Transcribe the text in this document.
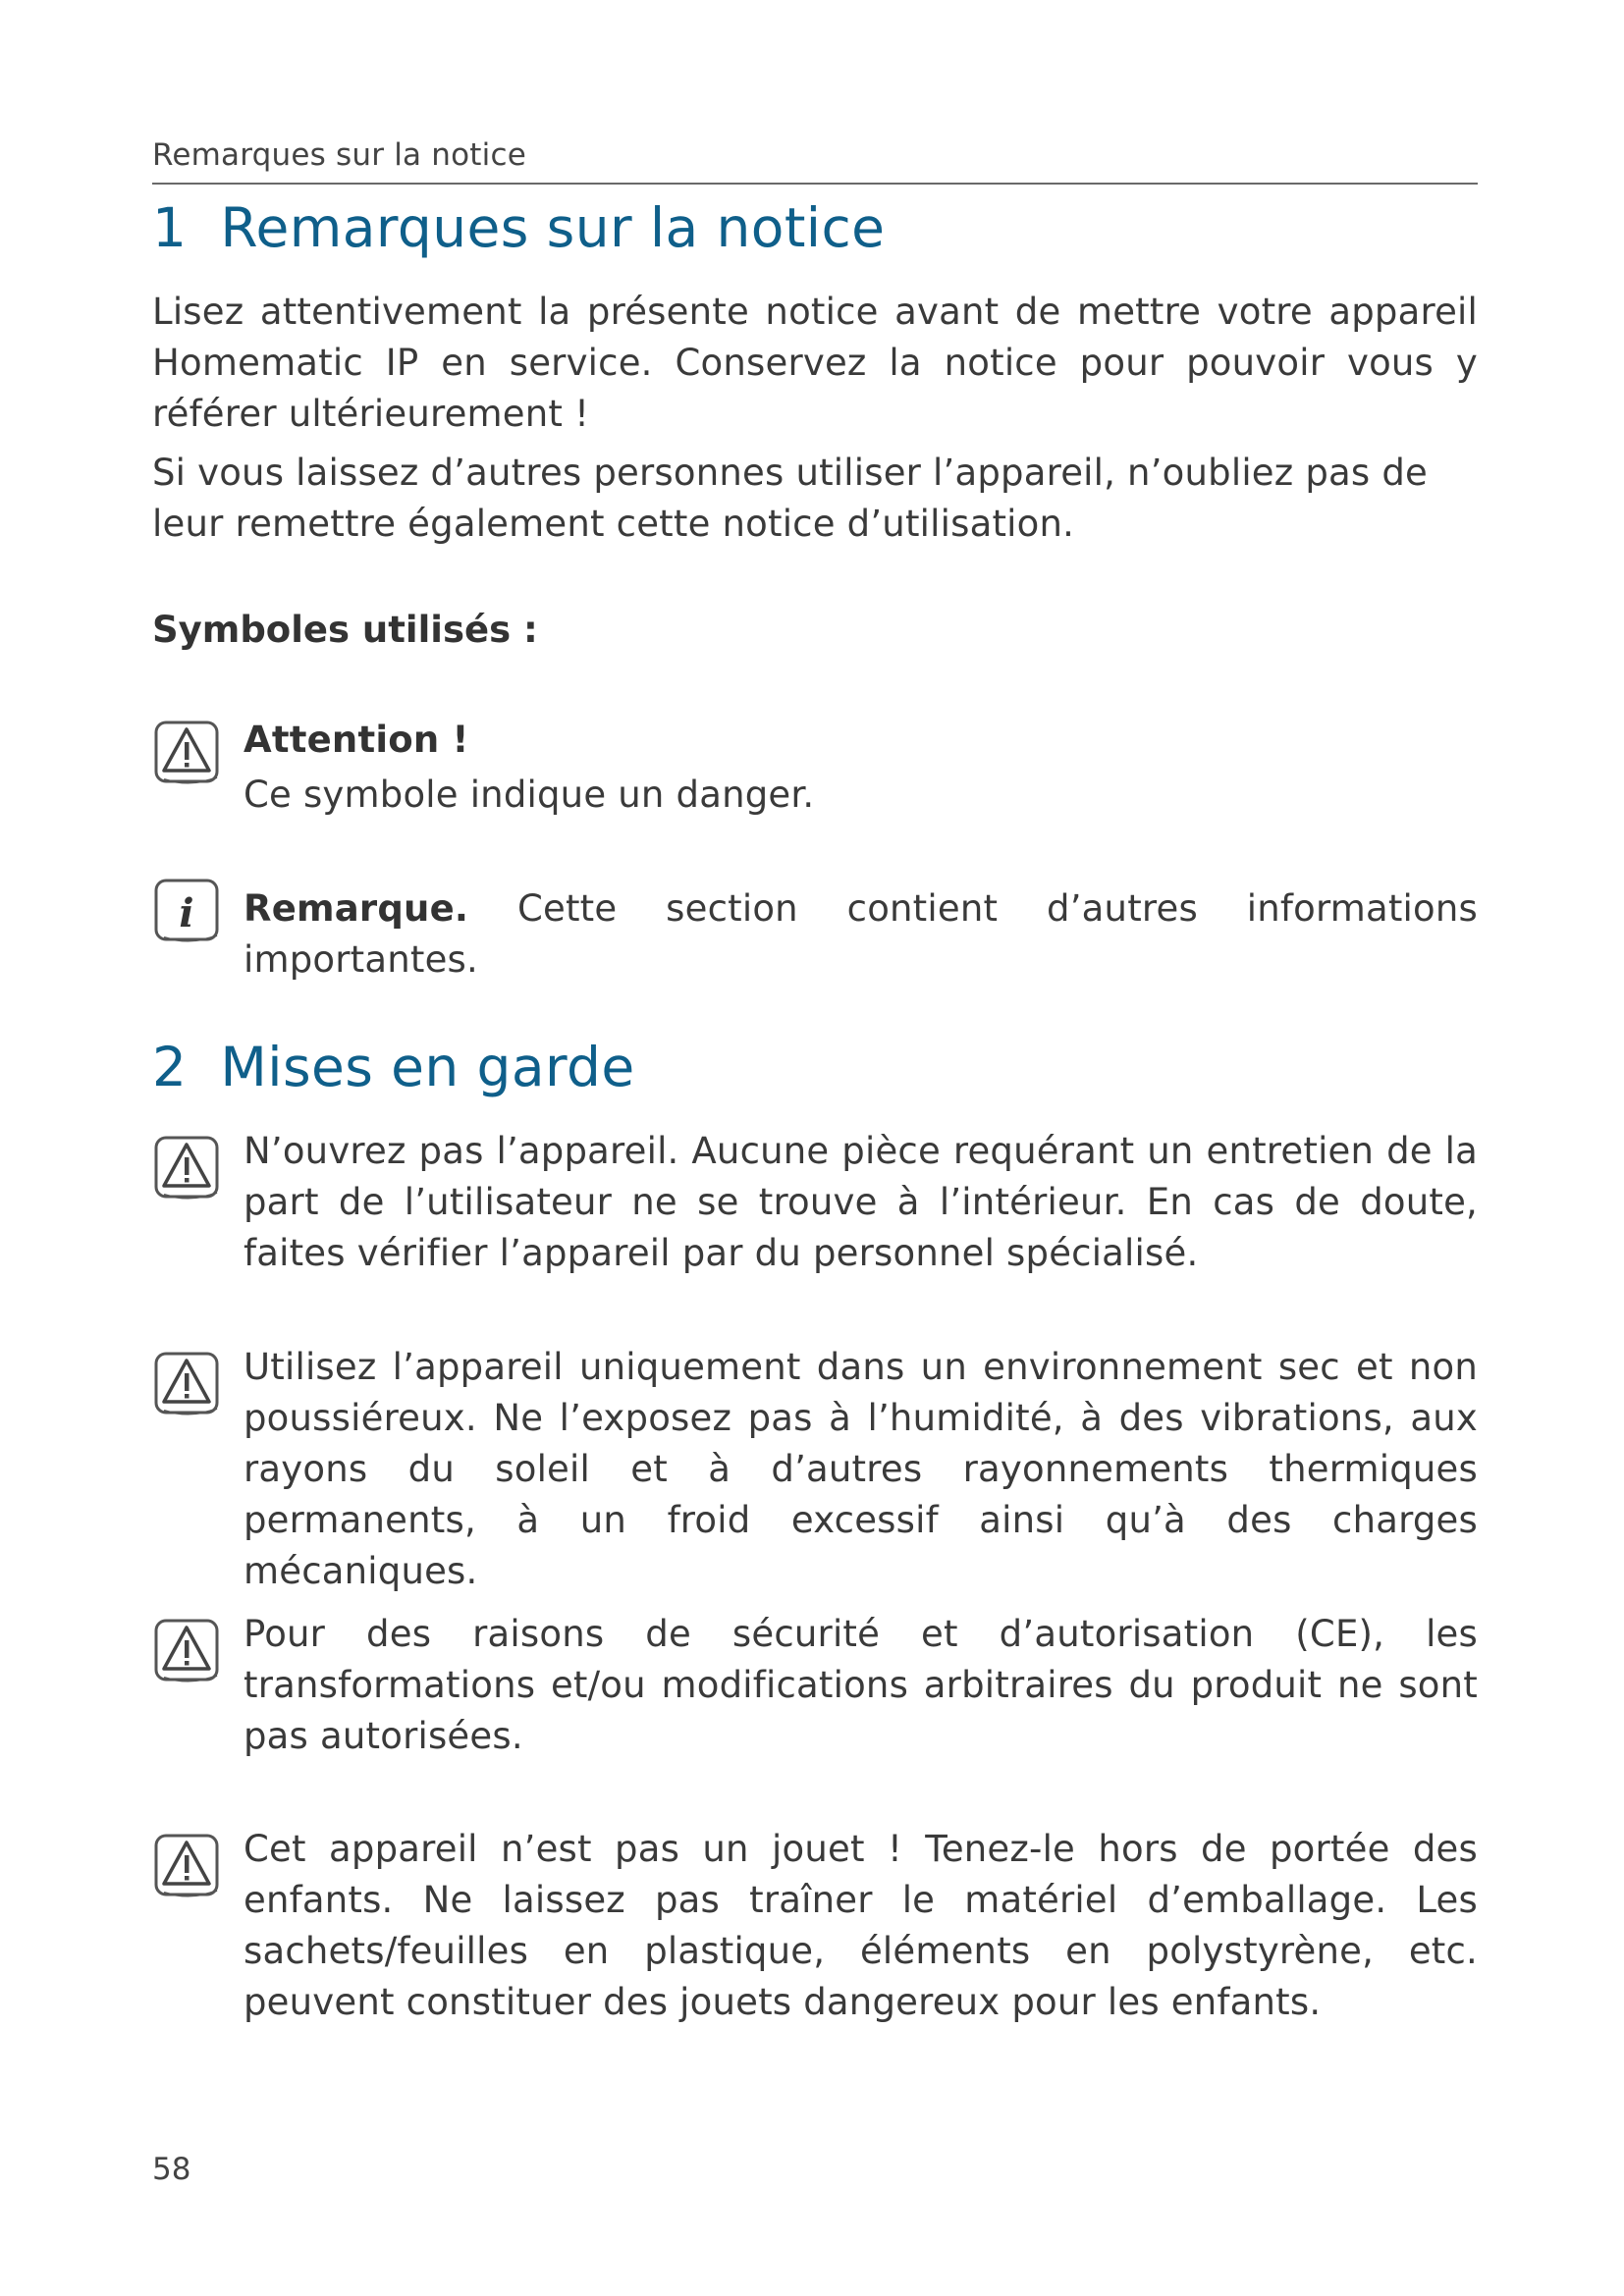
Remarques sur la notice
1 Remarques sur la notice

Lisez attentivement la présente notice avant de mettre votre appareil Homematic IP en service. Conservez la notice pour pouvoir vous y référer ultérieurement !

Si vous laissez d’autres personnes utiliser l’appareil, n’oubliez pas de leur remettre également cette notice d’utilisation.

Symboles utilisés :

Attention !
Ce symbole indique un danger.
i Remarque. Cette section contient d’autres informations importantes.
2 Mises en garde

N’ouvrez pas l’appareil. Aucune pièce requérant un entretien de la part de l’utilisateur ne se trouve à l’intérieur. En cas de doute, faites vérifier l’appareil par du personnel spécialisé.

Utilisez l’appareil uniquement dans un environnement sec et non poussiéreux. Ne l’exposez pas à l’humidité, à des vibrations, aux rayons du soleil et à d’autres rayonnements thermiques permanents, à un froid excessif ainsi qu’à des charges mécaniques.

Pour des raisons de sécurité et d’autorisation (CE), les transformations et/ou modifications arbitraires du produit ne sont pas autorisées.

Cet appareil n’est pas un jouet ! Tenez-le hors de portée des enfants. Ne laissez pas traîner le matériel d’emballage. Les sachets/feuilles en plastique, éléments en polystyrène, etc. peuvent constituer des jouets dangereux pour les enfants.

58
